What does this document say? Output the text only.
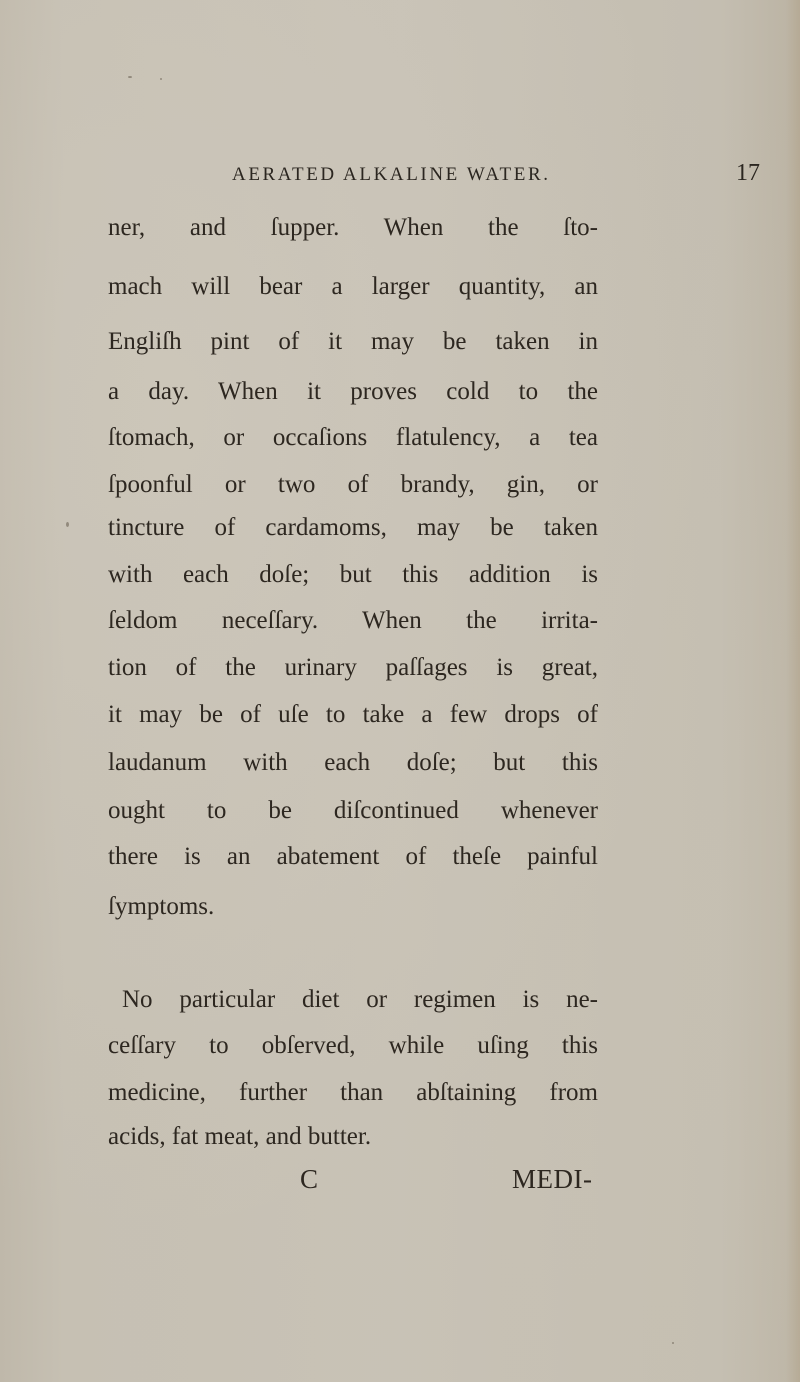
AERATED ALKALINE WATER.	17
ner, and ſupper. When the ſto-
mach will bear a larger quantity, an
Engliſh pint of it may be taken in
a day. When it proves cold to the
ſtomach, or occaſions flatulency, a tea
ſpoonful or two of brandy, gin, or
tincture of cardamoms, may be taken
with each doſe; but this addition is
ſeldom neceſſary. When the irrita-
tion of the urinary paſſages is great,
it may be of uſe to take a few drops of
laudanum with each doſe; but this
ought to be diſcontinued whenever
there is an abatement of theſe painful
ſymptoms.
No particular diet or regimen is ne-
ceſſary to obſerved, while uſing this
medicine, further than abſtaining from
acids, fat meat, and butter.
C	MEDI-
